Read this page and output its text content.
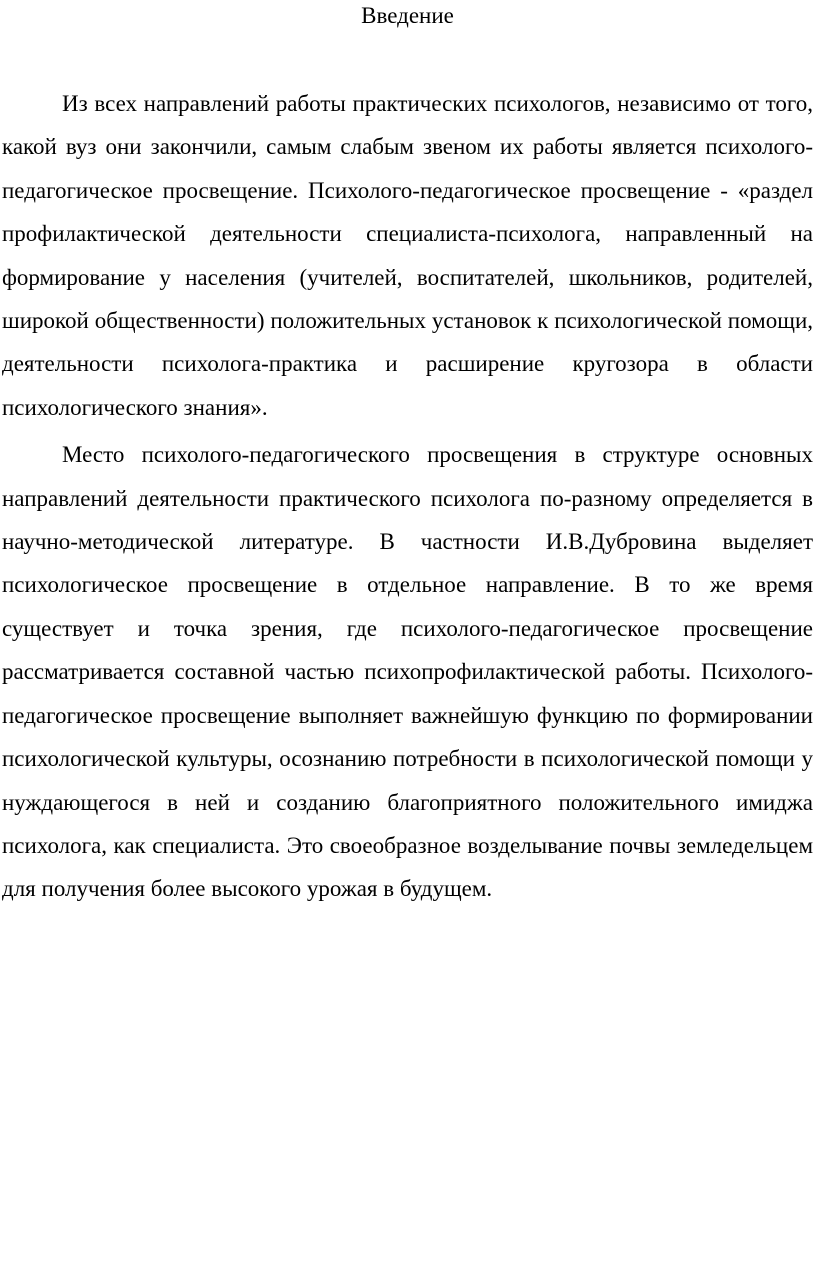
Введение

Из всех направлений работы практических психологов, независимо от того, какой вуз они закончили, самым слабым звеном их работы является психолого-педагогическое просвещение. Психолого-педагогическое просвещение - «раздел профилактической деятельности специалиста-психолога, направленный на формирование у населения (учителей, воспитателей, школьников, родителей, широкой общественности) положительных установок к психологической помощи, деятельности психолога-практика и расширение кругозора в области психологического знания».

Место психолого-педагогического просвещения в структуре основных направлений деятельности практического психолога по-разному определяется в научно-методической литературе. В частности И.В.Дубровина выделяет психологическое просвещение в отдельное направление. В то же время существует и точка зрения, где психолого-педагогическое просвещение рассматривается составной частью психопрофилактической работы. Психолого-педагогическое просвещение выполняет важнейшую функцию по формировании психологической культуры, осознанию потребности в психологической помощи у нуждающегося в ней и созданию благоприятного положительного имиджа психолога, как специалиста. Это своеобразное возделывание почвы земледельцем для получения более высокого урожая в будущем.
